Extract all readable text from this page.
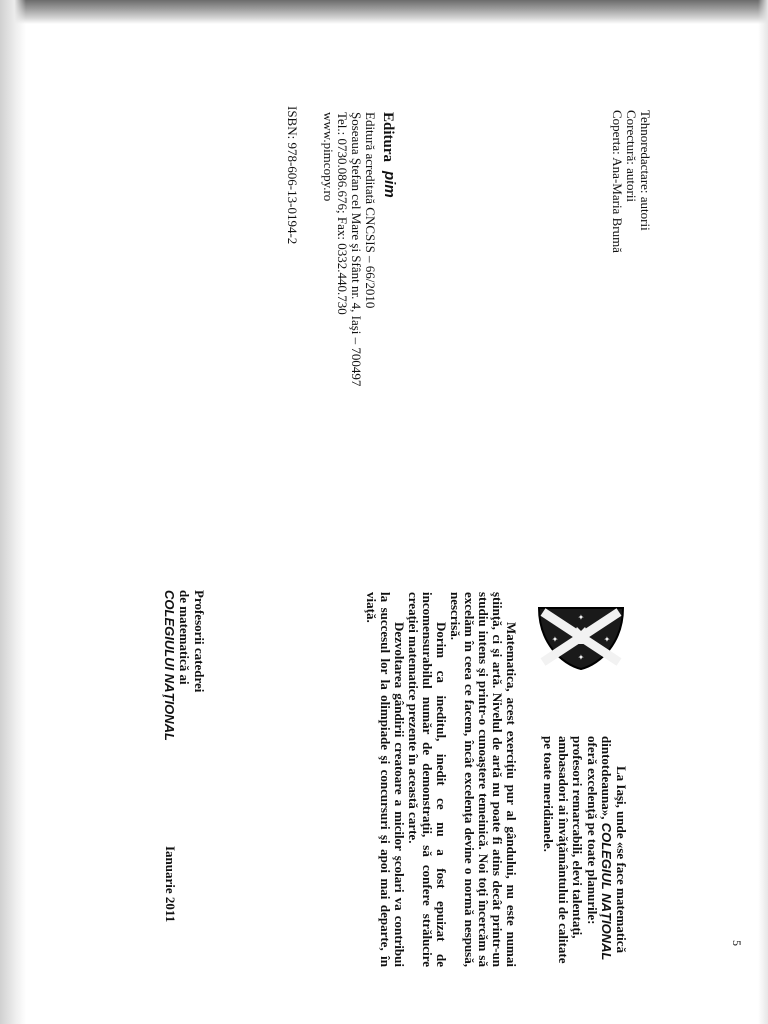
Tehnoredactare: autorii
Corectură: autorii
Coperta: Ana-Maria Brumă
Editura
pim
Editură acreditată CNCSIS – 66/2010
Şoseaua Ştefan cel Mare şi Sfânt nr. 4, Iaşi – 700497
Tel.: 0730.086.676; Fax: 0332.440.730
www.pimcopy.ro
ISBN: 978-606-13-0194-2
✦
✦	✦
✦
La Iaşi, unde «se face matematică
dintotdeauna», COLEGIUL NAŢIONAL
oferă excelenţă pe toate planurile:
profesori remarcabili, elevi talentaţi,
ambasadori ai învăţământului de calitate
pe toate meridianele.

Matematica, acest exerciţiu pur al gândului, nu este numai ştiinţă, ci şi artă. Nivelul de artă nu poate fi atins decât printr-un studiu intens şi printr-o cunoaştere temeinică. Noi toţi încercăm să excelăm în ceea ce facem, încât excelenţa devine o normă nespusă, nescrisă.

Dorim ca ineditul, inedit ce nu a fost epuizat de incomensurabilul număr de demonstraţii, să confere strălucire creaţiei matematice prezente în această carte.

Dezvoltarea gândirii creatoare a micilor şcolari va contribui la succesul lor la olimpiade şi concursuri şi apoi mai departe, în viaţă.

Profesorii catedrei
de matematică ai
COLEGIULUI NAŢIONAL
Ianuarie 2011
5
